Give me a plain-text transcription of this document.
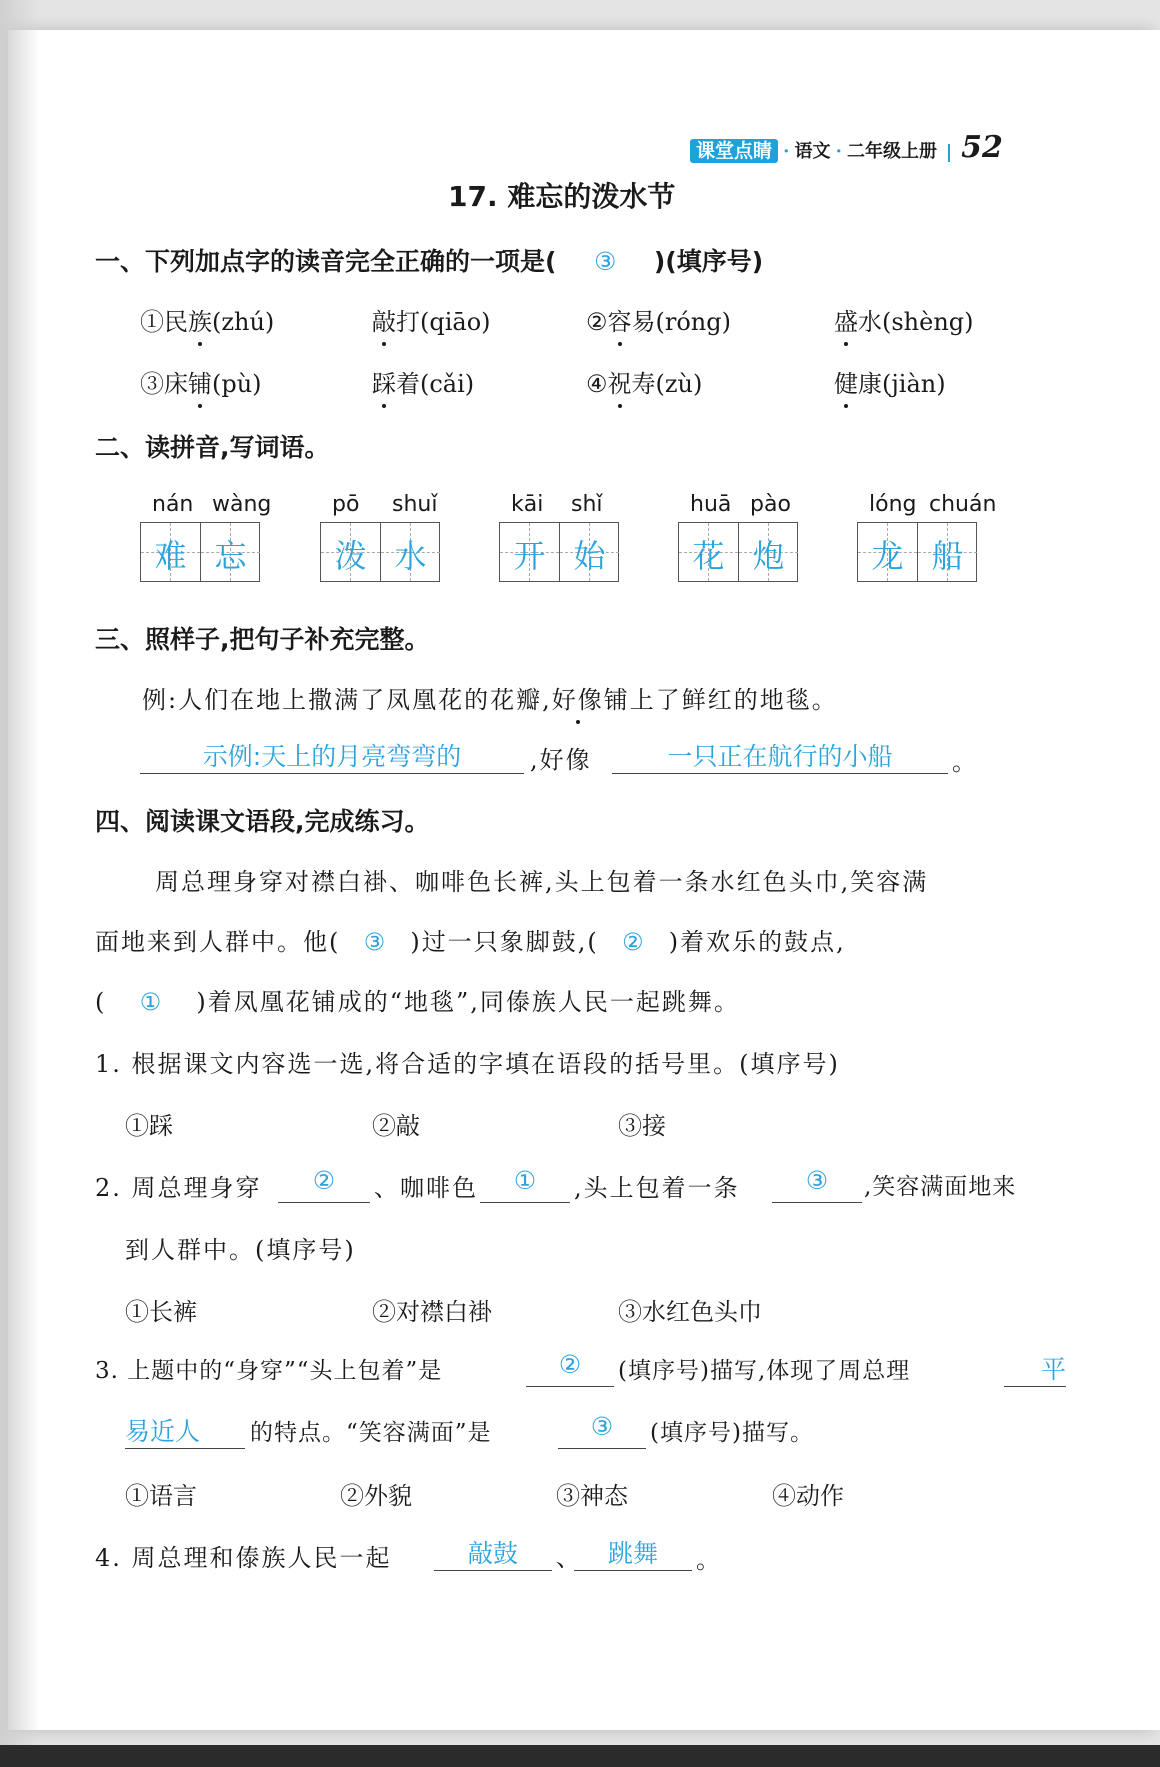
课堂点睛 · 语文 · 二年级上册 52
17. 难忘的泼水节
一、下列加点字的读音完全正确的一项是( ③ )(填序号)
①民族(zhú)	敲打(qiāo)	②容易(róng)	盛水(shèng)
③床铺(pù)	踩着(cǎi)	④祝寿(zù)	健康(jiàn)
二、读拼音,写词语。
nán wàng
难 忘
pō shuǐ
泼 水
kāi shǐ
开 始
huā pào
花 炮
lóng chuán
龙 船
三、照样子,把句子补充完整。
例:人们在地上撒满了凤凰花的花瓣,好像铺上了鲜红的地毯。
示例:天上的月亮弯弯的	,好像	一只正在航行的小船	。
四、阅读课文语段,完成练习。
周总理身穿对襟白褂、咖啡色长裤,头上包着一条水红色头巾,笑容满
面地来到人群中。他( ③ )过一只象脚鼓,( ② )着欢乐的鼓点,
( ① )着凤凰花铺成的“地毯”,同傣族人民一起跳舞。
1. 根据课文内容选一选,将合适的字填在语段的括号里。(填序号)
①踩	②敲	③接
2. 周总理身穿	②	、咖啡色	①	,头上包着一条	③	,笑容满面地来
到人群中。(填序号)
①长裤	②对襟白褂	③水红色头巾
3. 上题中的“身穿”“头上包着”是	②	(填序号)描写,体现了周总理	平
易近人	的特点。“笑容满面”是	③	(填序号)描写。
①语言	②外貌	③神态	④动作
4. 周总理和傣族人民一起	敲鼓	、	跳舞	。
